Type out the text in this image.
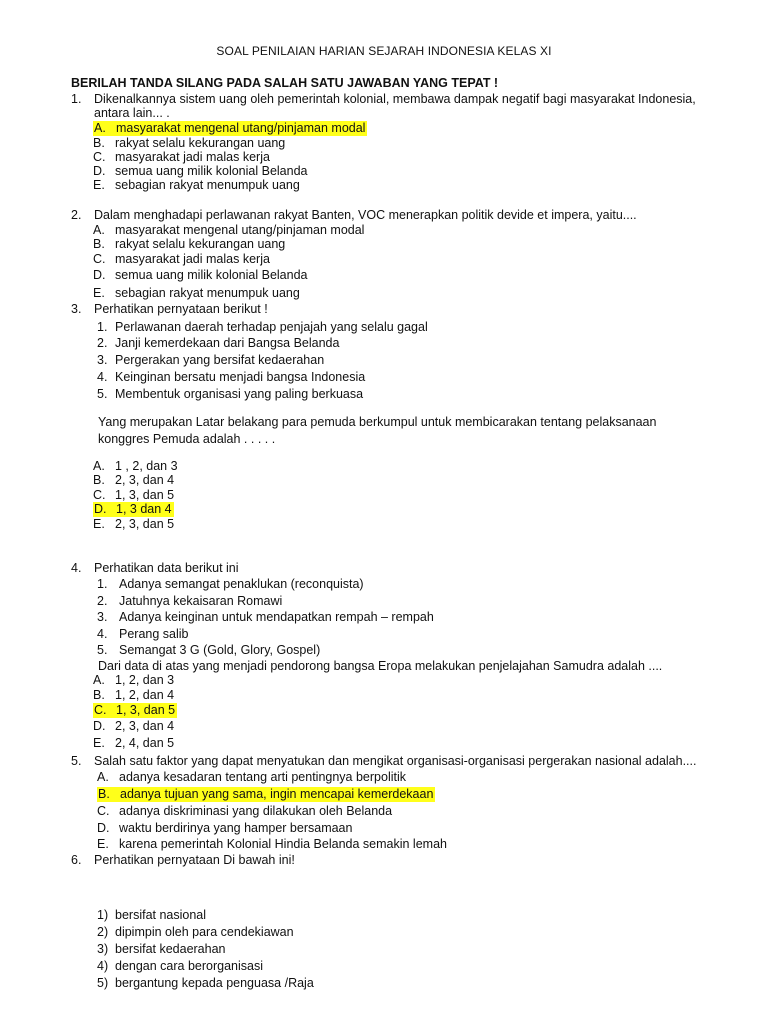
SOAL PENILAIAN HARIAN SEJARAH INDONESIA KELAS XI
BERILAH TANDA SILANG PADA SALAH SATU JAWABAN YANG TEPAT !
1. Dikenalkannya sistem uang oleh pemerintah kolonial, membawa dampak negatif bagi masyarakat Indonesia,
antara lain... .
A. masyarakat mengenal utang/pinjaman modal
B. rakyat selalu kekurangan uang
C. masyarakat jadi malas kerja
D. semua uang milik kolonial Belanda
E. sebagian rakyat menumpuk uang
2. Dalam menghadapi perlawanan rakyat Banten, VOC menerapkan politik devide et impera, yaitu....
A. masyarakat mengenal utang/pinjaman modal
B. rakyat selalu kekurangan uang
C. masyarakat jadi malas kerja
D. semua uang milik kolonial Belanda
E. sebagian rakyat menumpuk uang
3. Perhatikan pernyataan berikut !
1. Perlawanan daerah terhadap penjajah yang selalu gagal
2. Janji kemerdekaan dari Bangsa Belanda
3. Pergerakan yang bersifat kedaerahan
4. Keinginan bersatu menjadi bangsa Indonesia
5. Membentuk organisasi yang paling berkuasa
Yang merupakan Latar belakang para pemuda berkumpul untuk membicarakan tentang pelaksanaan
konggres Pemuda adalah . . . . .
A. 1 , 2, dan 3
B. 2, 3, dan 4
C. 1, 3, dan 5
D. 1, 3 dan 4
E. 2, 3, dan 5
4. Perhatikan data berikut ini
1. Adanya semangat penaklukan (reconquista)
2. Jatuhnya kekaisaran Romawi
3. Adanya keinginan untuk mendapatkan rempah – rempah
4. Perang salib
5. Semangat 3 G (Gold, Glory, Gospel)
Dari data di atas yang menjadi pendorong bangsa Eropa melakukan penjelajahan Samudra adalah ....
A. 1, 2, dan 3
B. 1, 2, dan 4
C. 1, 3, dan 5
D. 2, 3, dan 4
E. 2, 4, dan 5
5. Salah satu faktor yang dapat menyatukan dan mengikat organisasi-organisasi pergerakan nasional adalah....
A. adanya kesadaran tentang arti pentingnya berpolitik
B. adanya tujuan yang sama, ingin mencapai kemerdekaan
C. adanya diskriminasi yang dilakukan oleh Belanda
D. waktu berdirinya yang hamper bersamaan
E. karena pemerintah Kolonial Hindia Belanda semakin lemah
6. Perhatikan pernyataan Di bawah ini!
1) bersifat nasional
2) dipimpin oleh para cendekiawan
3) bersifat kedaerahan
4) dengan cara berorganisasi
5) bergantung kepada penguasa /Raja
